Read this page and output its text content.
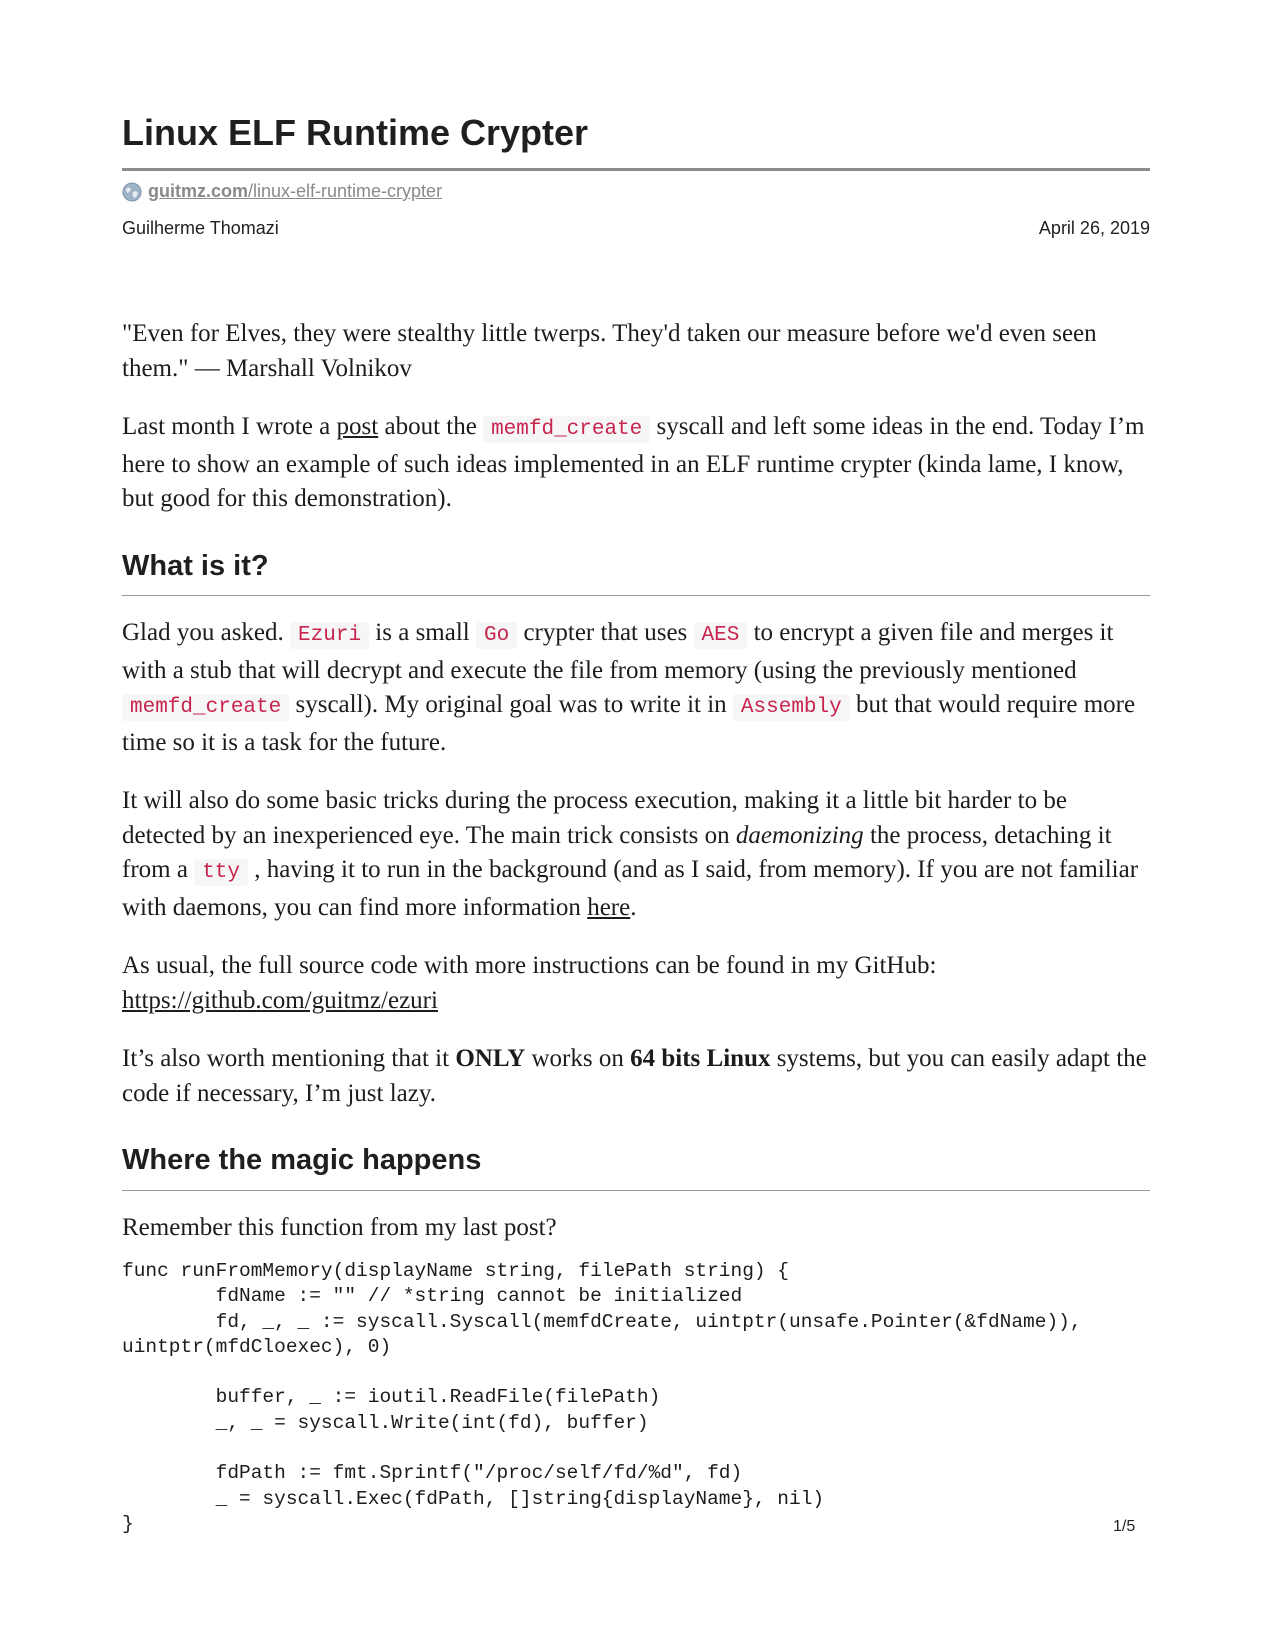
Linux ELF Runtime Crypter
guitmz.com/linux-elf-runtime-crypter
Guilherme Thomazi	April 26, 2019

"Even for Elves, they were stealthy little twerps. They'd taken our measure before we'd even seen them." — Marshall Volnikov

Last month I wrote a post about the memfd_create syscall and left some ideas in the end. Today I’m here to show an example of such ideas implemented in an ELF runtime crypter (kinda lame, I know, but good for this demonstration).

What is it?

Glad you asked. Ezuri is a small Go crypter that uses AES to encrypt a given file and merges it with a stub that will decrypt and execute the file from memory (using the previously mentioned memfd_create syscall). My original goal was to write it in Assembly but that would require more time so it is a task for the future.

It will also do some basic tricks during the process execution, making it a little bit harder to be detected by an inexperienced eye. The main trick consists on daemonizing the process, detaching it from a tty , having it to run in the background (and as I said, from memory). If you are not familiar with daemons, you can find more information here.

As usual, the full source code with more instructions can be found in my GitHub: https://github.com/guitmz/ezuri

It’s also worth mentioning that it ONLY works on 64 bits Linux systems, but you can easily adapt the code if necessary, I’m just lazy.

Where the magic happens

Remember this function from my last post?

func runFromMemory(displayName string, filePath string) {
fdName := "" // *string cannot be initialized
fd, _, _ := syscall.Syscall(memfdCreate, uintptr(unsafe.Pointer(&fdName)),
uintptr(mfdCloexec), 0)

buffer, _ := ioutil.ReadFile(filePath)
_, _ = syscall.Write(int(fd), buffer)

fdPath := fmt.Sprintf("/proc/self/fd/%d", fd)
_ = syscall.Exec(fdPath, []string{displayName}, nil)
}	1/5
